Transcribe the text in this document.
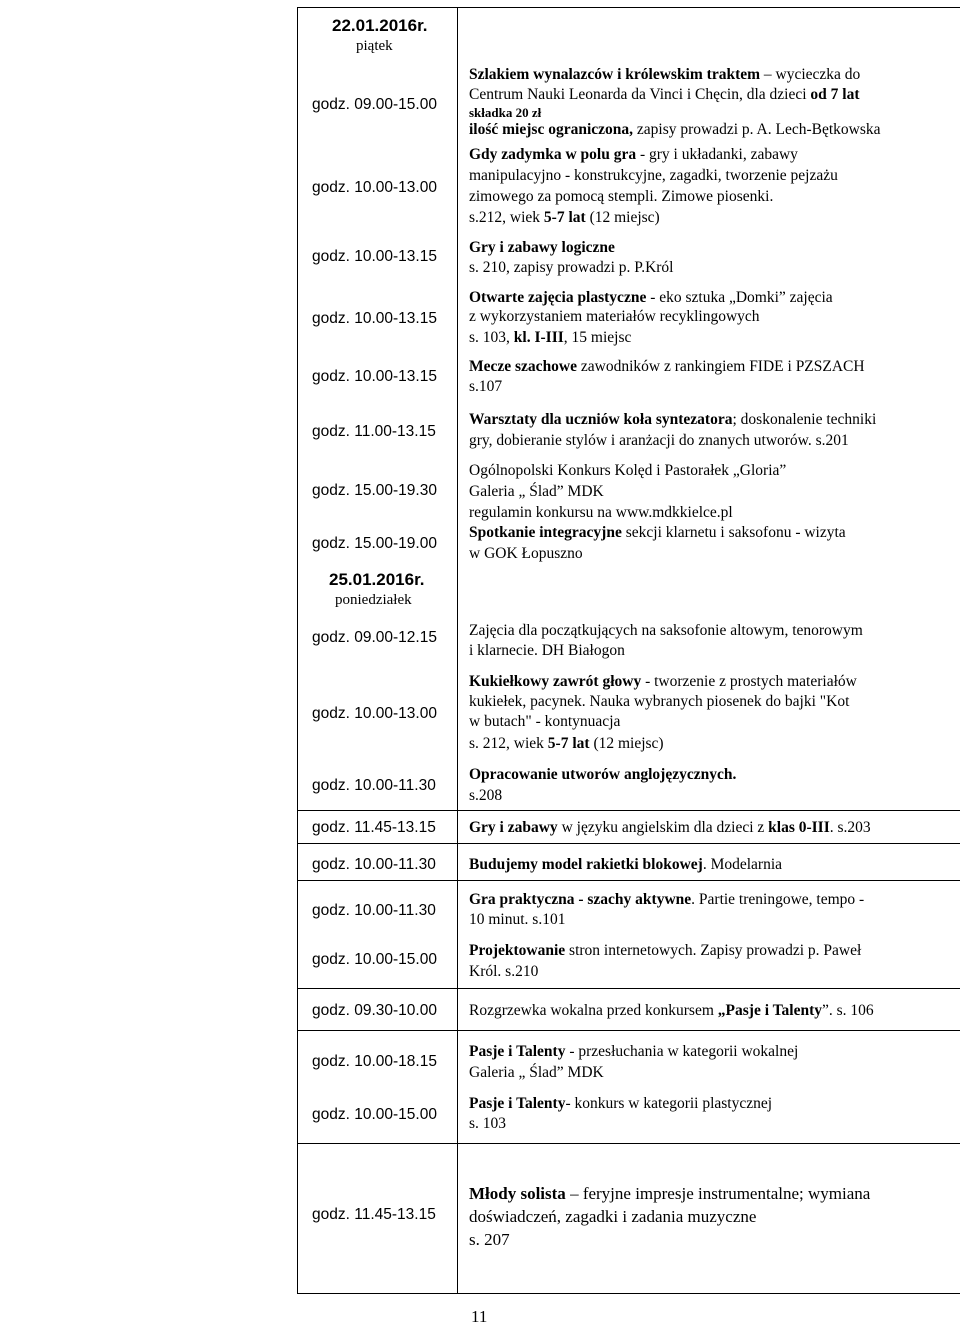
22.01.2016r.
piątek
godz. 09.00-15.00
godz. 10.00-13.00
godz. 10.00-13.15
godz. 10.00-13.15
godz. 10.00-13.15
godz. 11.00-13.15
godz. 15.00-19.30
godz. 15.00-19.00
Szlakiem wynalazców i królewskim traktem – wycieczka do
Centrum Nauki Leonarda da Vinci i Chęcin, dla dzieci od 7 lat
składka 20 zł
ilość miejsc ograniczona, zapisy prowadzi p. A. Lech-Bętkowska
Gdy zadymka w polu gra - gry i układanki, zabawy
manipulacyjno - konstrukcyjne, zagadki, tworzenie pejzażu
zimowego za pomocą stempli. Zimowe piosenki.
s.212, wiek 5-7 lat (12 miejsc)
Gry i zabawy logiczne
s. 210, zapisy prowadzi p. P.Król
Otwarte zajęcia plastyczne - eko sztuka „Domki” zajęcia
z wykorzystaniem materiałów recyklingowych
s. 103, kl. I-III, 15 miejsc
Mecze szachowe zawodników z rankingiem FIDE i PZSZACH
s.107
Warsztaty dla uczniów koła syntezatora; doskonalenie techniki
gry, dobieranie stylów i aranżacji do znanych utworów. s.201
Ogólnopolski Konkurs Kolęd i Pastorałek „Gloria”
Galeria „ Ślad” MDK
regulamin konkursu na www.mdkkielce.pl
Spotkanie integracyjne sekcji klarnetu i saksofonu - wizyta
w GOK Łopuszno
25.01.2016r.
poniedziałek
godz. 09.00-12.15
godz. 10.00-13.00
godz. 10.00-11.30
godz. 11.45-13.15
godz. 10.00-11.30
godz. 10.00-11.30
godz. 10.00-15.00
godz. 09.30-10.00
godz. 10.00-18.15
godz. 10.00-15.00
godz. 11.45-13.15
Zajęcia dla początkujących na saksofonie altowym, tenorowym
i klarnecie. DH Białogon
Kukiełkowy zawrót głowy - tworzenie z prostych materiałów
kukiełek, pacynek. Nauka wybranych piosenek do bajki "Kot
w butach" - kontynuacja
s. 212, wiek 5-7 lat (12 miejsc)
Opracowanie utworów anglojęzycznych.
s.208
Gry i zabawy w języku angielskim dla dzieci z klas 0-III. s.203
Budujemy model rakietki blokowej. Modelarnia
Gra praktyczna - szachy aktywne. Partie treningowe, tempo -
10 minut. s.101
Projektowanie stron internetowych. Zapisy prowadzi p. Paweł
Król. s.210
Rozgrzewka wokalna przed konkursem „Pasje i Talenty”. s. 106
Pasje i Talenty - przesłuchania w kategorii wokalnej
Galeria „ Ślad” MDK
Pasje i Talenty- konkurs w kategorii plastycznej
s. 103
Młody solista – feryjne impresje instrumentalne; wymiana
doświadczeń, zagadki i zadania muzyczne
s. 207
11
